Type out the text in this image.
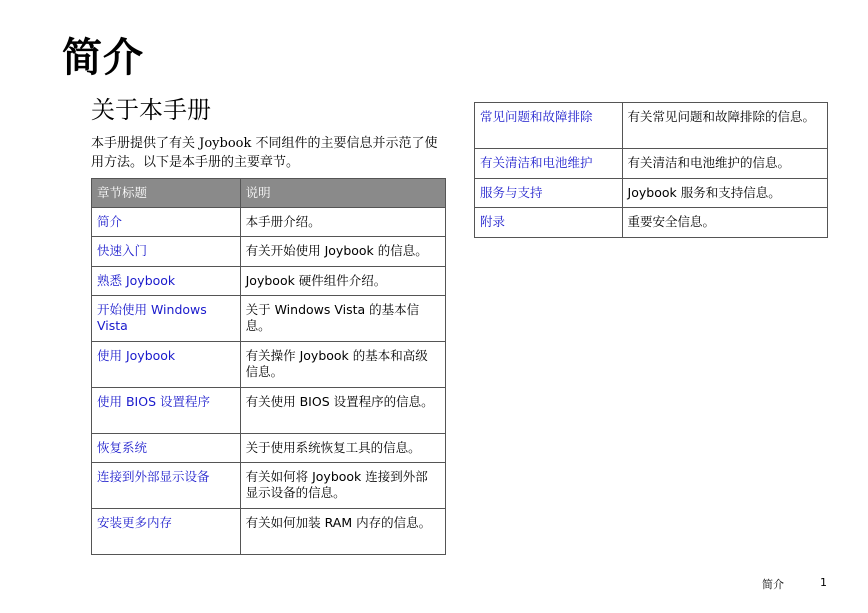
简介
关于本手册
本手册提供了有关 Joybook 不同组件的主要信息并示范了使用方法。以下是本手册的主要章节。
章节标题	说明
简介	本手册介绍。
快速入门	有关开始使用 Joybook 的信息。
熟悉 Joybook	Joybook 硬件组件介绍。
开始使用 Windows Vista	关于 Windows Vista 的基本信息。
使用 Joybook	有关操作 Joybook 的基本和高级信息。
使用 BIOS 设置程序	有关使用 BIOS 设置程序的信息。
恢复系统	关于使用系统恢复工具的信息。
连接到外部显示设备	有关如何将 Joybook 连接到外部显示设备的信息。
安装更多内存	有关如何加装 RAM 内存的信息。
常见问题和故障排除	有关常见问题和故障排除的信息。
有关清洁和电池维护	有关清洁和电池维护的信息。
服务与支持	Joybook 服务和支持信息。
附录	重要安全信息。
简介	1
